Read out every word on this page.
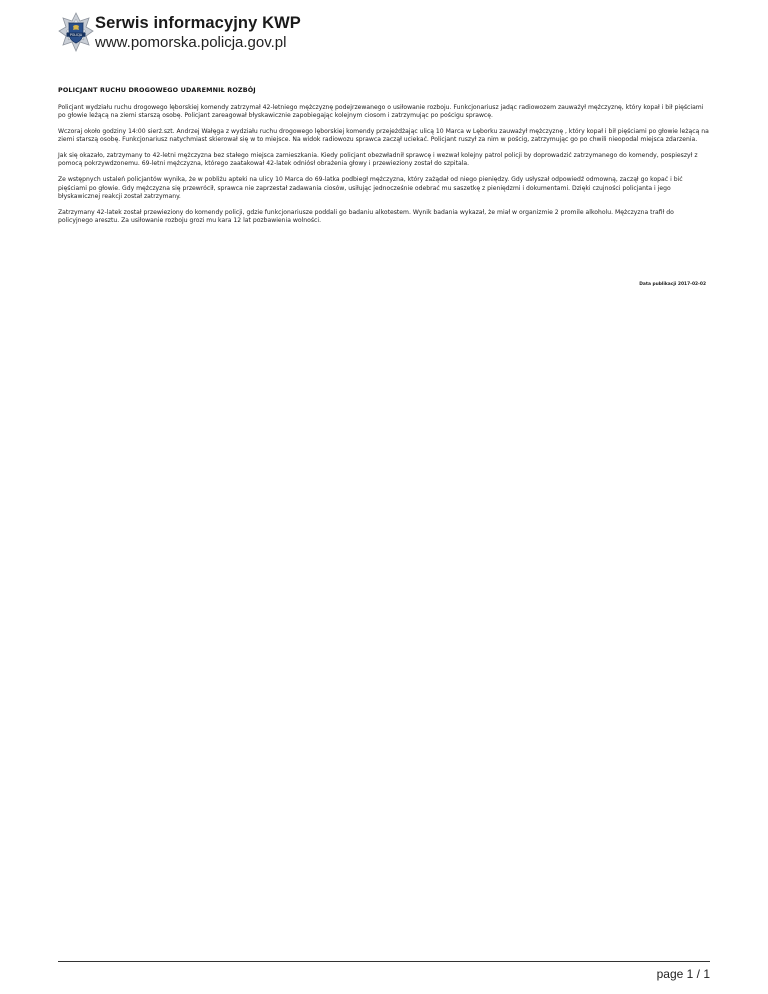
POLICJA
Serwis informacyjny KWP
www.pomorska.policja.gov.pl
POLICJANT RUCHU DROGOWEGO UDAREMNIŁ ROZBÓJ

Policjant wydziału ruchu drogowego lęborskiej komendy zatrzymał 42-letniego mężczyznę podejrzewanego o usiłowanie rozboju. Funkcjonariusz jadąc radiowozem zauważył mężczyznę, który kopał i bił pięściami po głowie leżącą na ziemi starszą osobę. Policjant zareagował błyskawicznie zapobiegając kolejnym ciosom i zatrzymując po pościgu sprawcę.

Wczoraj około godziny 14:00 sierż.szt. Andrzej Wałęga z wydziału ruchu drogowego lęborskiej komendy przejeżdżając ulicą 10 Marca w Lęborku zauważył mężczyznę , który kopał i bił pięściami po głowie leżącą na ziemi starszą osobę. Funkcjonariusz natychmiast skierował się w to miejsce. Na widok radiowozu sprawca zaczął uciekać. Policjant ruszył za nim w pościg, zatrzymując go po chwili nieopodal miejsca zdarzenia.

Jak się okazało, zatrzymany to 42-letni mężczyzna bez stałego miejsca zamieszkania. Kiedy policjant obezwładnił sprawcę i wezwał kolejny patrol policji by doprowadzić zatrzymanego do komendy, pospieszył z pomocą pokrzywdzonemu. 69-letni mężczyzna, którego zaatakował 42-latek odniósł obrażenia głowy i przewieziony został do szpitala.

Ze wstępnych ustaleń policjantów wynika, że w pobliżu apteki na ulicy 10 Marca do 69-latka podbiegł mężczyzna, który zażądał od niego pieniędzy. Gdy usłyszał odpowiedź odmowną, zaczął go kopać i bić pięściami po głowie. Gdy mężczyzna się przewrócił, sprawca nie zaprzestał zadawania ciosów, usiłując jednocześnie odebrać mu saszetkę z pieniędzmi i dokumentami. Dzięki czujności policjanta i jego błyskawicznej reakcji został zatrzymany.

Zatrzymany 42-latek został przewieziony do komendy policji, gdzie funkcjonariusze poddali go badaniu alkotestem. Wynik badania wykazał, że miał w organizmie 2 promile alkoholu. Mężczyzna trafił do policyjnego aresztu. Za usiłowanie rozboju grozi mu kara 12 lat pozbawienia wolności.

Data publikacji 2017-02-02
page 1 / 1
